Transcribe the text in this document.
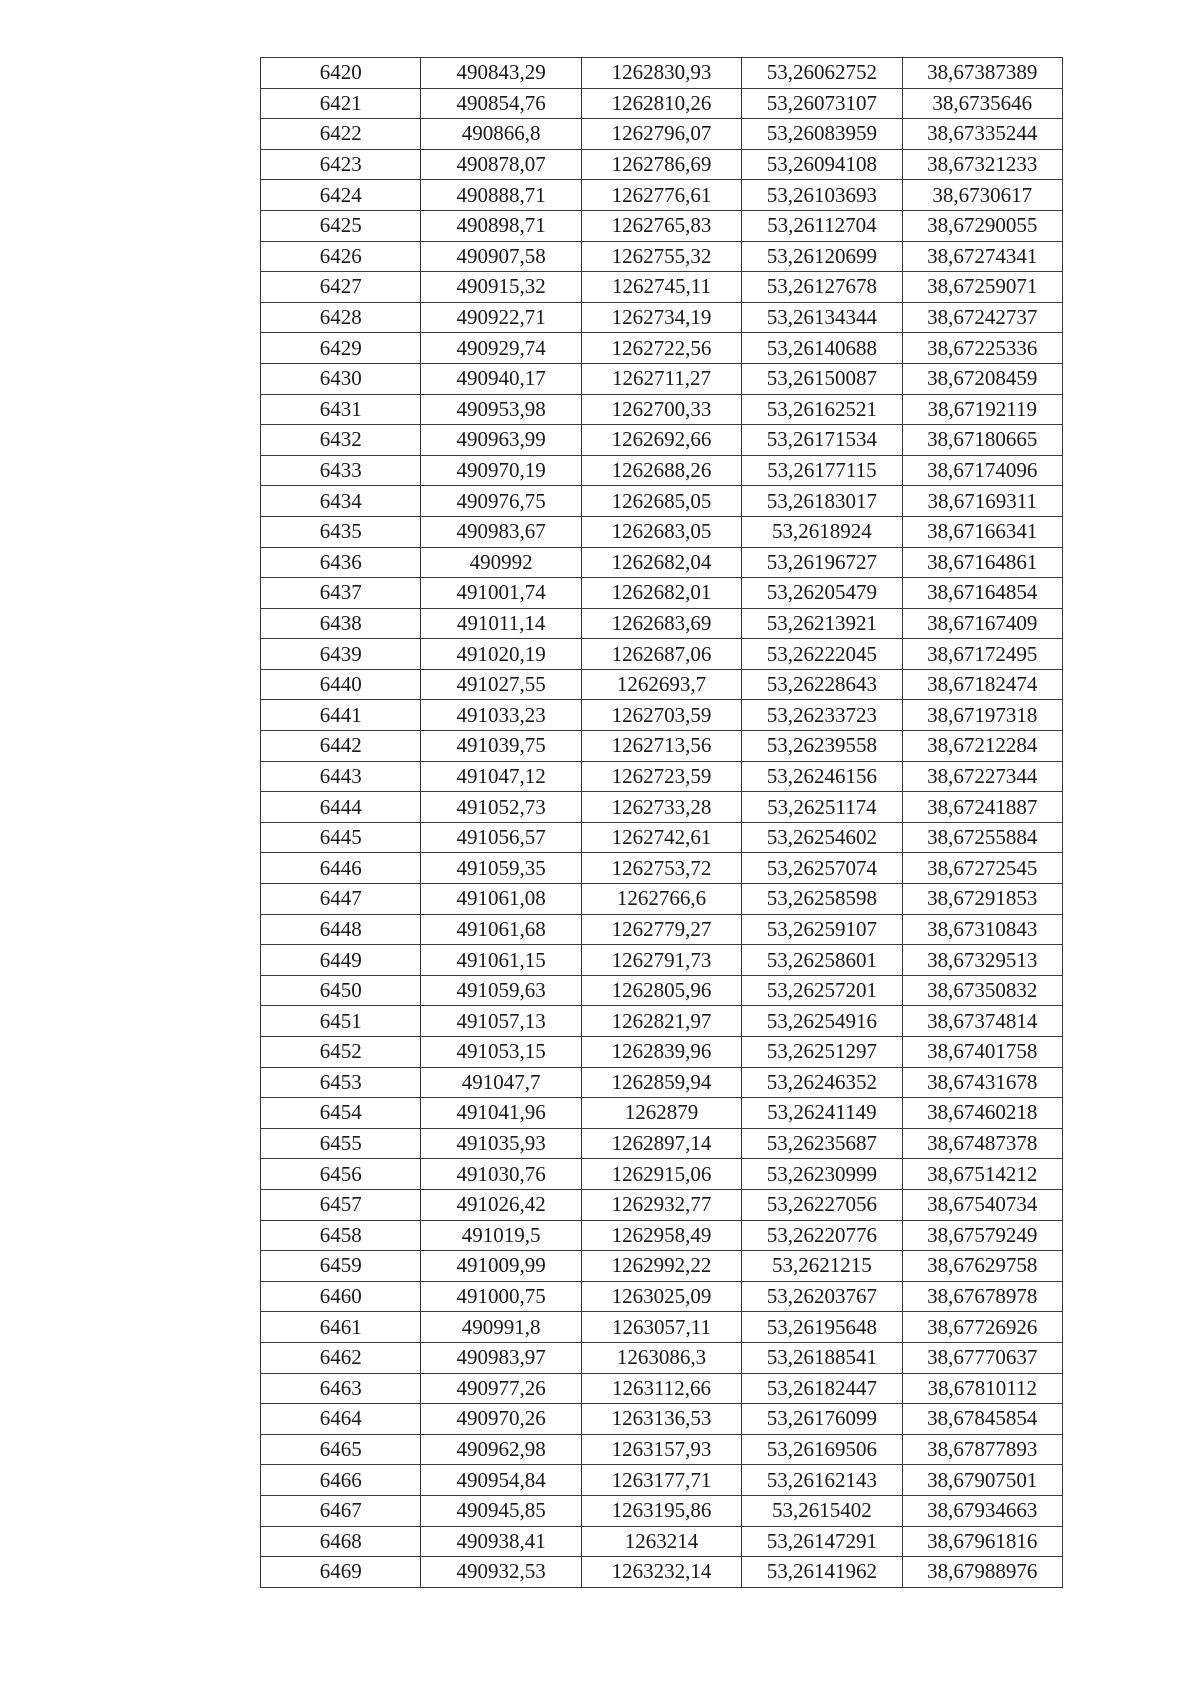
6420	490843,29	1262830,93	53,26062752	38,67387389
6421	490854,76	1262810,26	53,26073107	38,6735646
6422	490866,8	1262796,07	53,26083959	38,67335244
6423	490878,07	1262786,69	53,26094108	38,67321233
6424	490888,71	1262776,61	53,26103693	38,6730617
6425	490898,71	1262765,83	53,26112704	38,67290055
6426	490907,58	1262755,32	53,26120699	38,67274341
6427	490915,32	1262745,11	53,26127678	38,67259071
6428	490922,71	1262734,19	53,26134344	38,67242737
6429	490929,74	1262722,56	53,26140688	38,67225336
6430	490940,17	1262711,27	53,26150087	38,67208459
6431	490953,98	1262700,33	53,26162521	38,67192119
6432	490963,99	1262692,66	53,26171534	38,67180665
6433	490970,19	1262688,26	53,26177115	38,67174096
6434	490976,75	1262685,05	53,26183017	38,67169311
6435	490983,67	1262683,05	53,2618924	38,67166341
6436	490992	1262682,04	53,26196727	38,67164861
6437	491001,74	1262682,01	53,26205479	38,67164854
6438	491011,14	1262683,69	53,26213921	38,67167409
6439	491020,19	1262687,06	53,26222045	38,67172495
6440	491027,55	1262693,7	53,26228643	38,67182474
6441	491033,23	1262703,59	53,26233723	38,67197318
6442	491039,75	1262713,56	53,26239558	38,67212284
6443	491047,12	1262723,59	53,26246156	38,67227344
6444	491052,73	1262733,28	53,26251174	38,67241887
6445	491056,57	1262742,61	53,26254602	38,67255884
6446	491059,35	1262753,72	53,26257074	38,67272545
6447	491061,08	1262766,6	53,26258598	38,67291853
6448	491061,68	1262779,27	53,26259107	38,67310843
6449	491061,15	1262791,73	53,26258601	38,67329513
6450	491059,63	1262805,96	53,26257201	38,67350832
6451	491057,13	1262821,97	53,26254916	38,67374814
6452	491053,15	1262839,96	53,26251297	38,67401758
6453	491047,7	1262859,94	53,26246352	38,67431678
6454	491041,96	1262879	53,26241149	38,67460218
6455	491035,93	1262897,14	53,26235687	38,67487378
6456	491030,76	1262915,06	53,26230999	38,67514212
6457	491026,42	1262932,77	53,26227056	38,67540734
6458	491019,5	1262958,49	53,26220776	38,67579249
6459	491009,99	1262992,22	53,2621215	38,67629758
6460	491000,75	1263025,09	53,26203767	38,67678978
6461	490991,8	1263057,11	53,26195648	38,67726926
6462	490983,97	1263086,3	53,26188541	38,67770637
6463	490977,26	1263112,66	53,26182447	38,67810112
6464	490970,26	1263136,53	53,26176099	38,67845854
6465	490962,98	1263157,93	53,26169506	38,67877893
6466	490954,84	1263177,71	53,26162143	38,67907501
6467	490945,85	1263195,86	53,2615402	38,67934663
6468	490938,41	1263214	53,26147291	38,67961816
6469	490932,53	1263232,14	53,26141962	38,67988976
